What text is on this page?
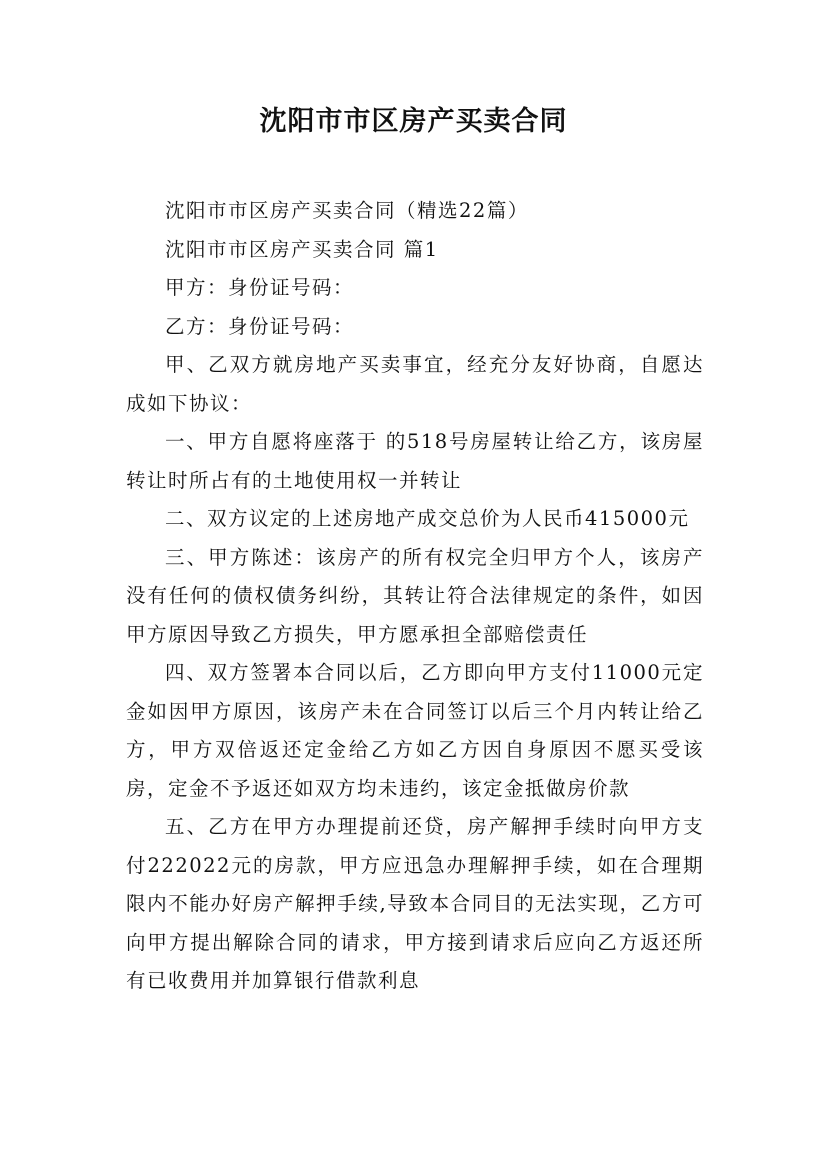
沈阳市市区房产买卖合同

沈阳市市区房产买卖合同（精选22篇）

沈阳市市区房产买卖合同 篇1

甲方：身份证号码：

乙方：身份证号码：

甲、乙双方就房地产买卖事宜，经充分友好协商，自愿达成如下协议：

一、甲方自愿将座落于 的518号房屋转让给乙方，该房屋转让时所占有的土地使用权一并转让

二、双方议定的上述房地产成交总价为人民币415000元

三、甲方陈述：该房产的所有权完全归甲方个人，该房产没有任何的债权债务纠纷，其转让符合法律规定的条件，如因甲方原因导致乙方损失，甲方愿承担全部赔偿责任

四、双方签署本合同以后，乙方即向甲方支付11000元定金如因甲方原因，该房产未在合同签订以后三个月内转让给乙方，甲方双倍返还定金给乙方如乙方因自身原因不愿买受该房，定金不予返还如双方均未违约，该定金抵做房价款

五、乙方在甲方办理提前还贷，房产解押手续时向甲方支付222022元的房款，甲方应迅急办理解押手续，如在合理期限内不能办好房产解押手续,导致本合同目的无法实现，乙方可向甲方提出解除合同的请求，甲方接到请求后应向乙方返还所有已收费用并加算银行借款利息
